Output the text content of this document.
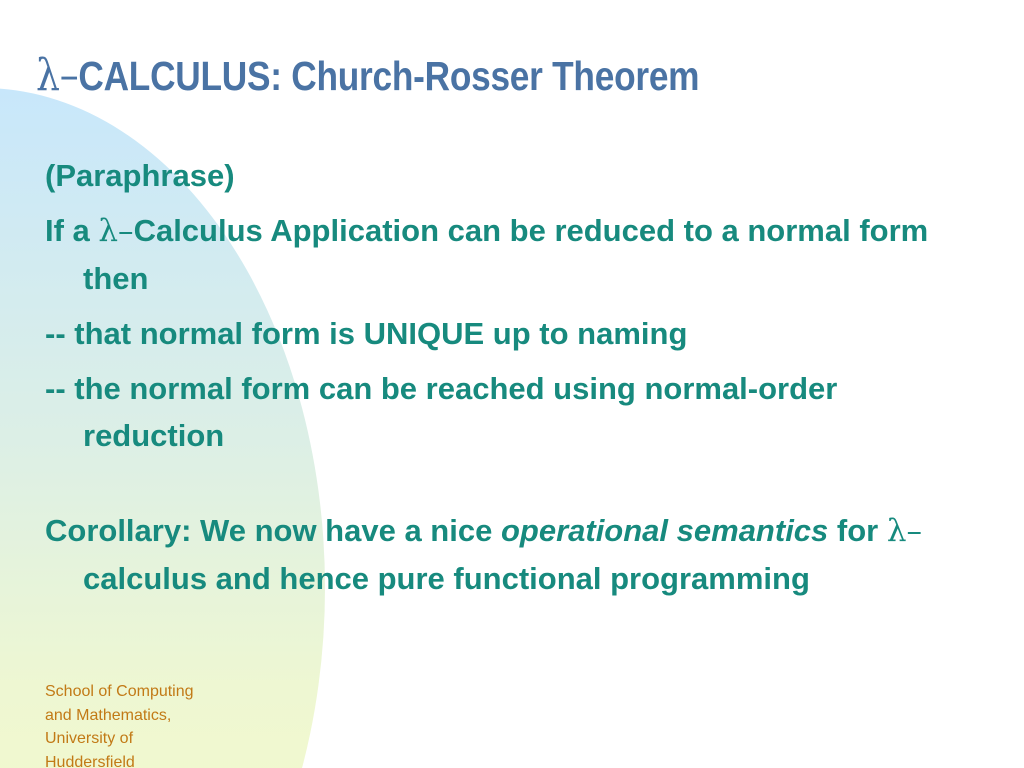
λ–CALCULUS: Church-Rosser Theorem

(Paraphrase)

If a λ–Calculus Application can be reduced to a normal form then

-- that normal form is UNIQUE up to naming

-- the normal form can be reached using normal-order reduction

Corollary: We now have a nice operational semantics for λ–calculus and hence pure functional programming

School of Computing
and Mathematics,
University of
Huddersfield
